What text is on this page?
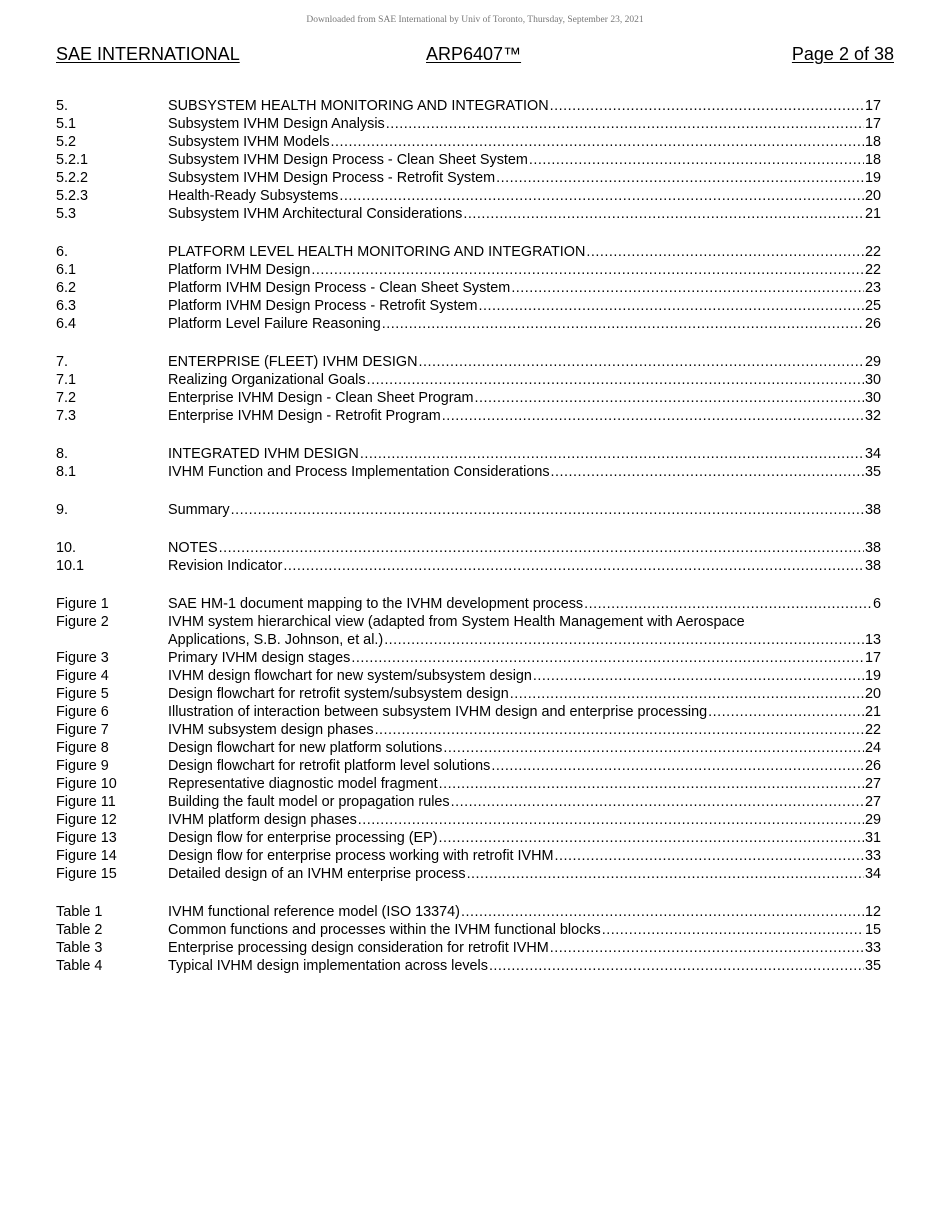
Downloaded from SAE International by Univ of Toronto, Thursday, September 23, 2021
SAE INTERNATIONAL	ARP6407™	Page 2 of 38
5.	SUBSYSTEM HEALTH MONITORING AND INTEGRATION .....	17
5.1	Subsystem IVHM Design Analysis .....	17
5.2	Subsystem IVHM Models .....	18
5.2.1	Subsystem IVHM Design Process - Clean Sheet System .....	18
5.2.2	Subsystem IVHM Design Process - Retrofit System .....	19
5.2.3	Health-Ready Subsystems .....	20
5.3	Subsystem IVHM Architectural Considerations .....	21
6.	PLATFORM LEVEL HEALTH MONITORING AND INTEGRATION .....	22
6.1	Platform IVHM Design .....	22
6.2	Platform IVHM Design Process - Clean Sheet System .....	23
6.3	Platform IVHM Design Process - Retrofit System .....	25
6.4	Platform Level Failure Reasoning .....	26
7.	ENTERPRISE (FLEET) IVHM DESIGN .....	29
7.1	Realizing Organizational Goals .....	30
7.2	Enterprise IVHM Design - Clean Sheet Program .....	30
7.3	Enterprise IVHM Design - Retrofit Program .....	32
8.	INTEGRATED IVHM DESIGN .....	34
8.1	IVHM Function and Process Implementation Considerations .....	35
9.	Summary .....	38
10.	NOTES .....	38
10.1	Revision Indicator .....	38
Figure 1	SAE HM-1 document mapping to the IVHM development process .....	6
Figure 2	IVHM system hierarchical view (adapted from System Health Management with Aerospace
Applications, S.B. Johnson, et al.) .....	13
Figure 3	Primary IVHM design stages .....	17
Figure 4	IVHM design flowchart for new system/subsystem design .....	19
Figure 5	Design flowchart for retrofit system/subsystem design .....	20
Figure 6	Illustration of interaction between subsystem IVHM design and enterprise processing .....	21
Figure 7	IVHM subsystem design phases .....	22
Figure 8	Design flowchart for new platform solutions .....	24
Figure 9	Design flowchart for retrofit platform level solutions .....	26
Figure 10	Representative diagnostic model fragment .....	27
Figure 11	Building the fault model or propagation rules .....	27
Figure 12	IVHM platform design phases .....	29
Figure 13	Design flow for enterprise processing (EP) .....	31
Figure 14	Design flow for enterprise process working with retrofit IVHM .....	33
Figure 15	Detailed design of an IVHM enterprise process .....	34
Table 1	IVHM functional reference model (ISO 13374) .....	12
Table 2	Common functions and processes within the IVHM functional blocks .....	15
Table 3	Enterprise processing design consideration for retrofit IVHM .....	33
Table 4	Typical IVHM design implementation across levels .....	35
